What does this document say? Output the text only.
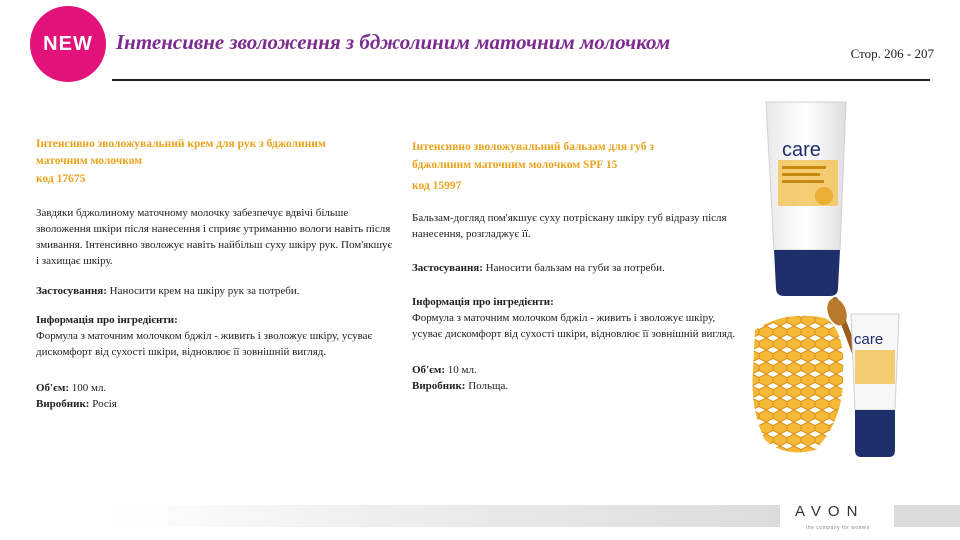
NEW	Інтенсивне зволоження з бджолиним маточним молочком	Стор. 206 - 207
Інтенсивно зволожувальний крем для рук з бджолиним
маточним молочком
код 17675
Завдяки бджолиному маточному молочку забезпечує вдвічі більше зволоження шкіри після нанесення і сприяє утриманню вологи навіть після змивання. Інтенсивно зволожує навіть найбільш суху шкіру рук. Пом'якшує і захищає шкіру.
Застосування: Наносити крем на шкіру рук за потреби.
Інформація про інгредієнти:
Формула з маточним молочком бджіл - живить і зволожує шкіру, усуває дискомфорт від сухості шкіри, відновлює її зовнішній вигляд.
Об'єм: 100 мл.
Виробник: Росія
Інтенсивно зволожувальний бальзам для губ з
бджолиним маточним молочком SPF 15
код 15997
Бальзам-догляд пом'якшує суху потріскану шкіру губ відразу після нанесення, розгладжує її.
Застосування: Наносити бальзам на губи за потреби.
Інформація про інгредієнти:
Формула з маточним молочком бджіл - живить і зволожує шкіру, усуває дискомфорт від сухості шкіри, відновлює її зовнішній вигляд.
Об'єм: 10 мл.
Виробник: Польща.
care
care
AVON
the company for women
